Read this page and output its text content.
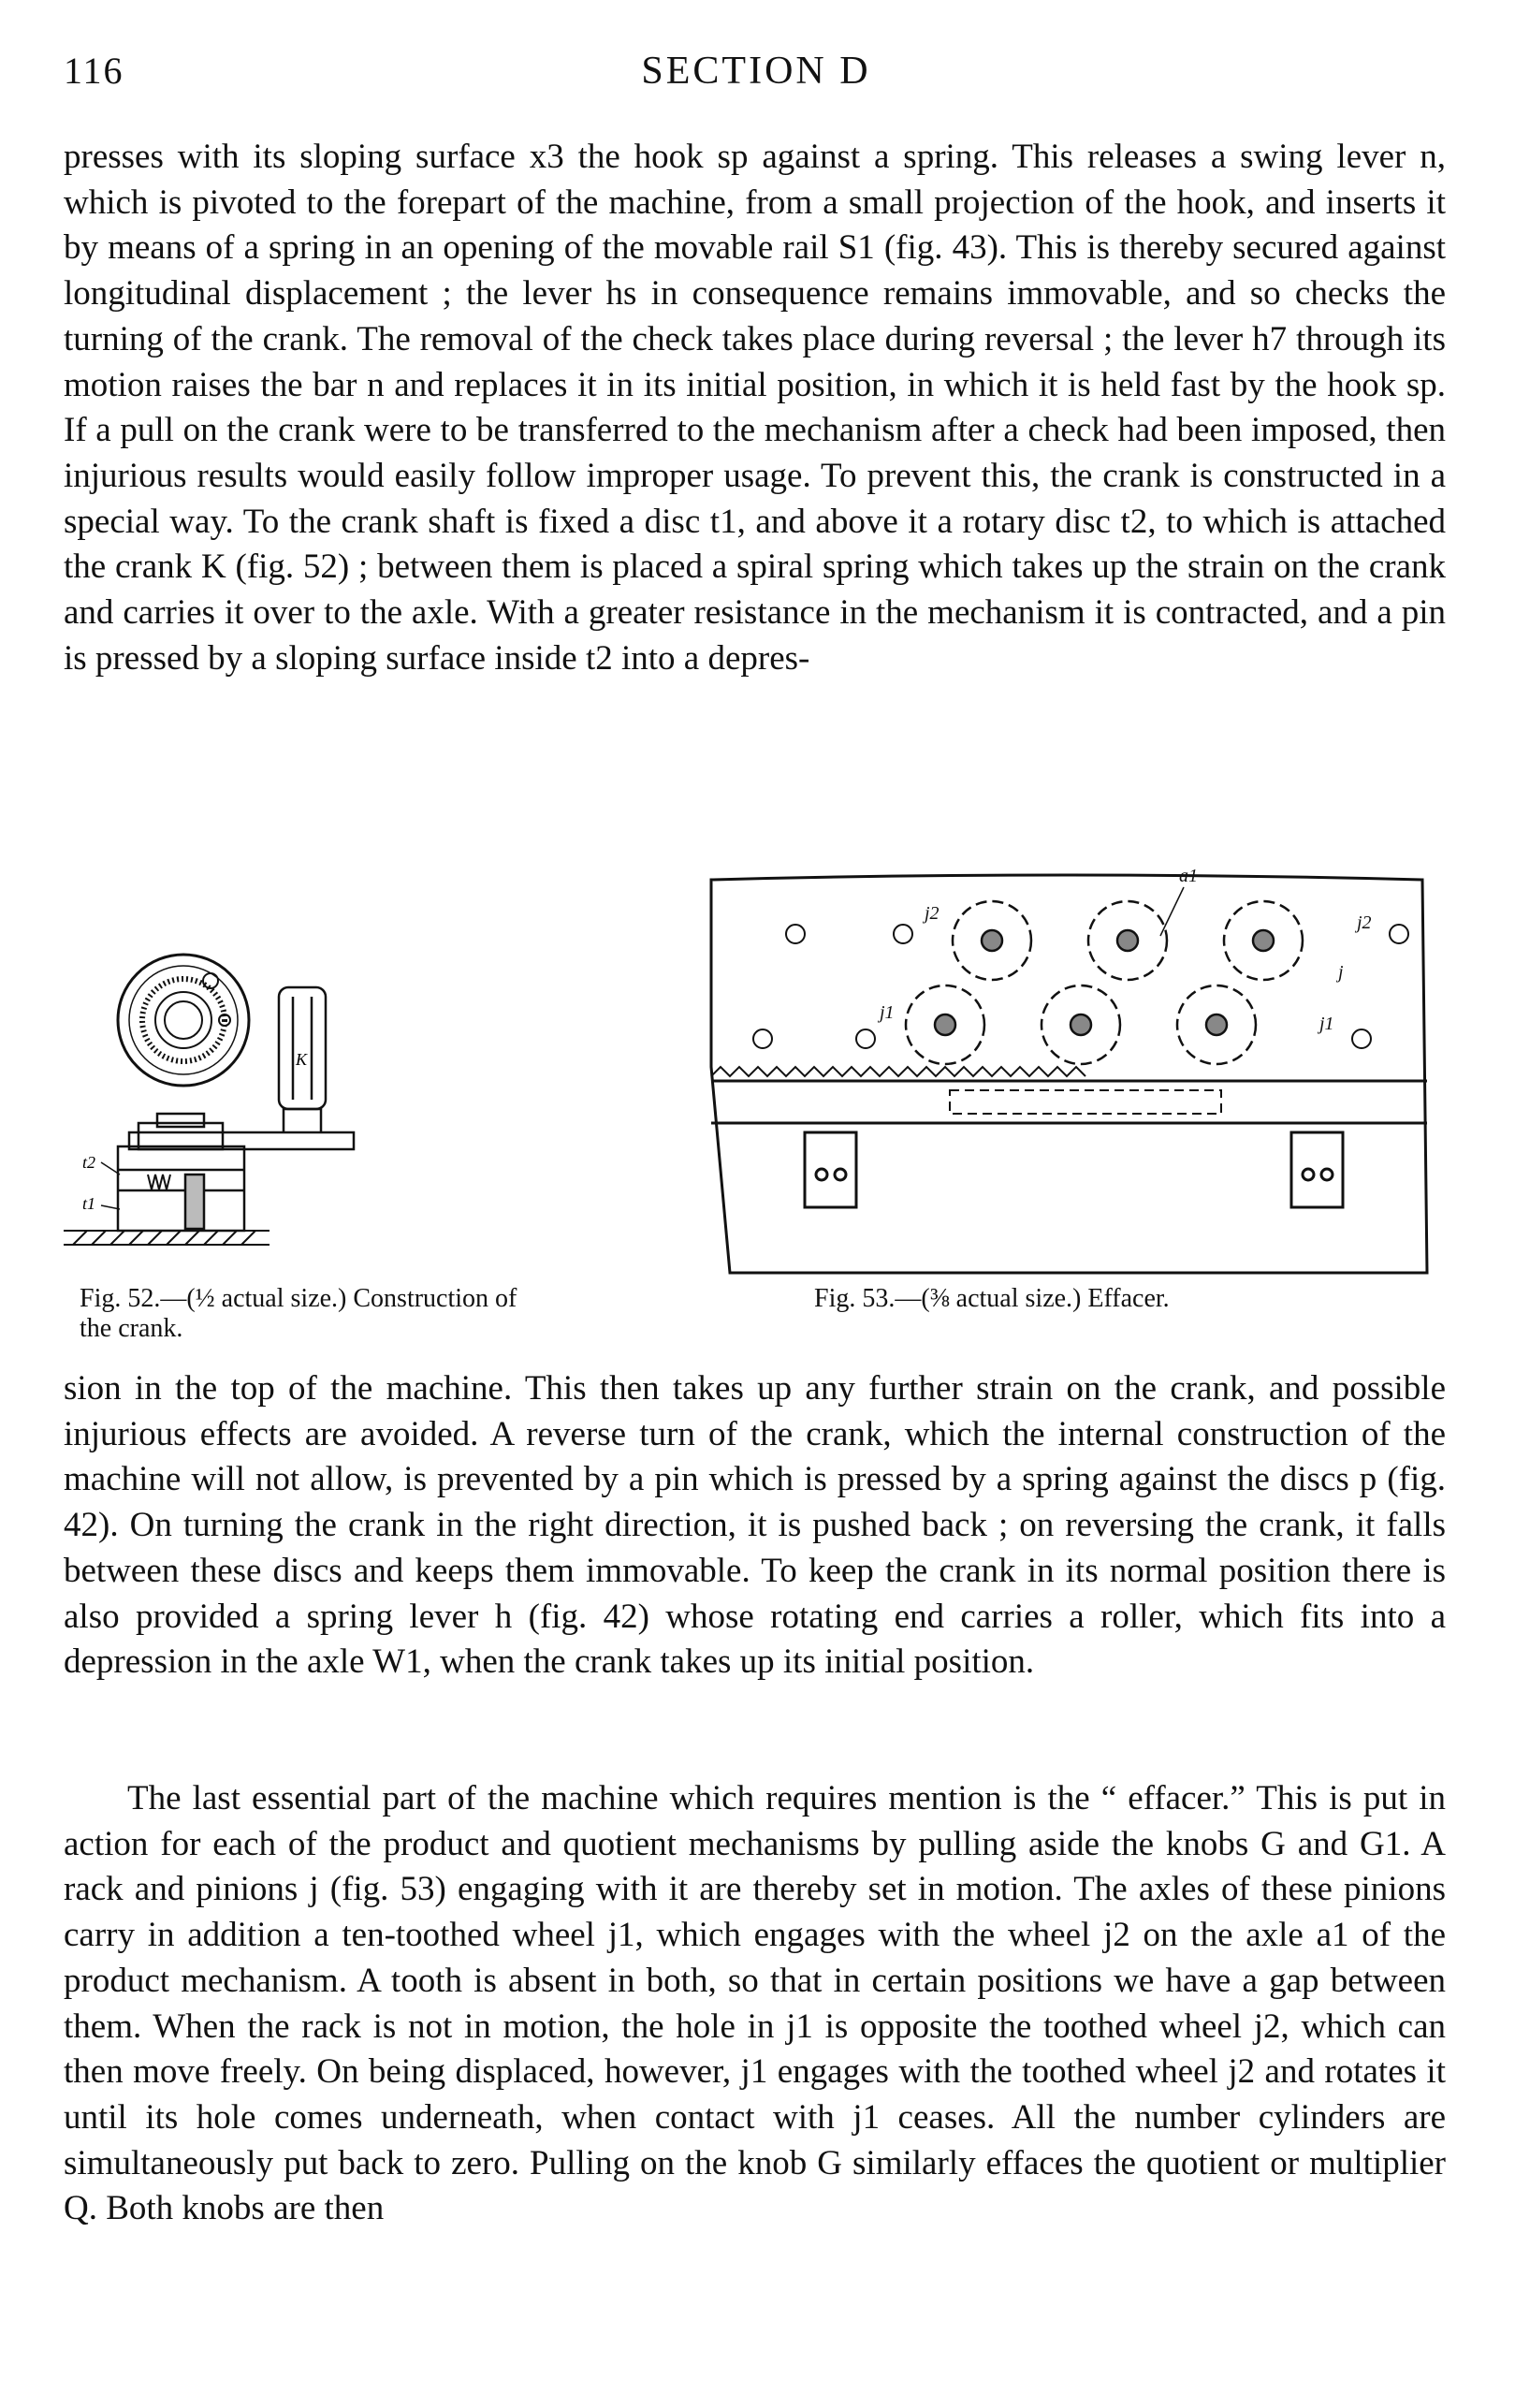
116	SECTION D

presses with its sloping surface x3 the hook sp against a spring. This releases a swing lever n, which is pivoted to the forepart of the machine, from a small projection of the hook, and inserts it by means of a spring in an opening of the movable rail S1 (fig. 43). This is thereby secured against longitudinal displacement ; the lever hs in consequence remains immovable, and so checks the turning of the crank. The removal of the check takes place during reversal ; the lever h7 through its motion raises the bar n and replaces it in its initial position, in which it is held fast by the hook sp. If a pull on the crank were to be transferred to the mechanism after a check had been imposed, then injurious results would easily follow improper usage. To prevent this, the crank is constructed in a special way. To the crank shaft is fixed a disc t1, and above it a rotary disc t2, to which is attached the crank K (fig. 52) ; between them is placed a spiral spring which takes up the strain on the crank and carries it over to the axle. With a greater resistance in the mechanism it is contracted, and a pin is pressed by a sloping surface inside t2 into a depres-

K
t2
t1

Fig. 52.—(½ actual size.) Construction of the crank.

a1
j2	j2
j
j1
j1

Fig. 53.—(⅜ actual size.) Effacer.

sion in the top of the machine. This then takes up any further strain on the crank, and possible injurious effects are avoided. A reverse turn of the crank, which the internal construction of the machine will not allow, is prevented by a pin which is pressed by a spring against the discs p (fig. 42). On turning the crank in the right direction, it is pushed back ; on reversing the crank, it falls between these discs and keeps them immovable. To keep the crank in its normal position there is also provided a spring lever h (fig. 42) whose rotating end carries a roller, which fits into a depression in the axle W1, when the crank takes up its initial position.

The last essential part of the machine which requires mention is the “ effacer.” This is put in action for each of the product and quotient mechanisms by pulling aside the knobs G and G1. A rack and pinions j (fig. 53) engaging with it are thereby set in motion. The axles of these pinions carry in addition a ten-toothed wheel j1, which engages with the wheel j2 on the axle a1 of the product mechanism. A tooth is absent in both, so that in certain positions we have a gap between them. When the rack is not in motion, the hole in j1 is opposite the toothed wheel j2, which can then move freely. On being displaced, however, j1 engages with the toothed wheel j2 and rotates it until its hole comes underneath, when contact with j1 ceases. All the number cylinders are simultaneously put back to zero. Pulling on the knob G similarly effaces the quotient or multiplier Q. Both knobs are then
